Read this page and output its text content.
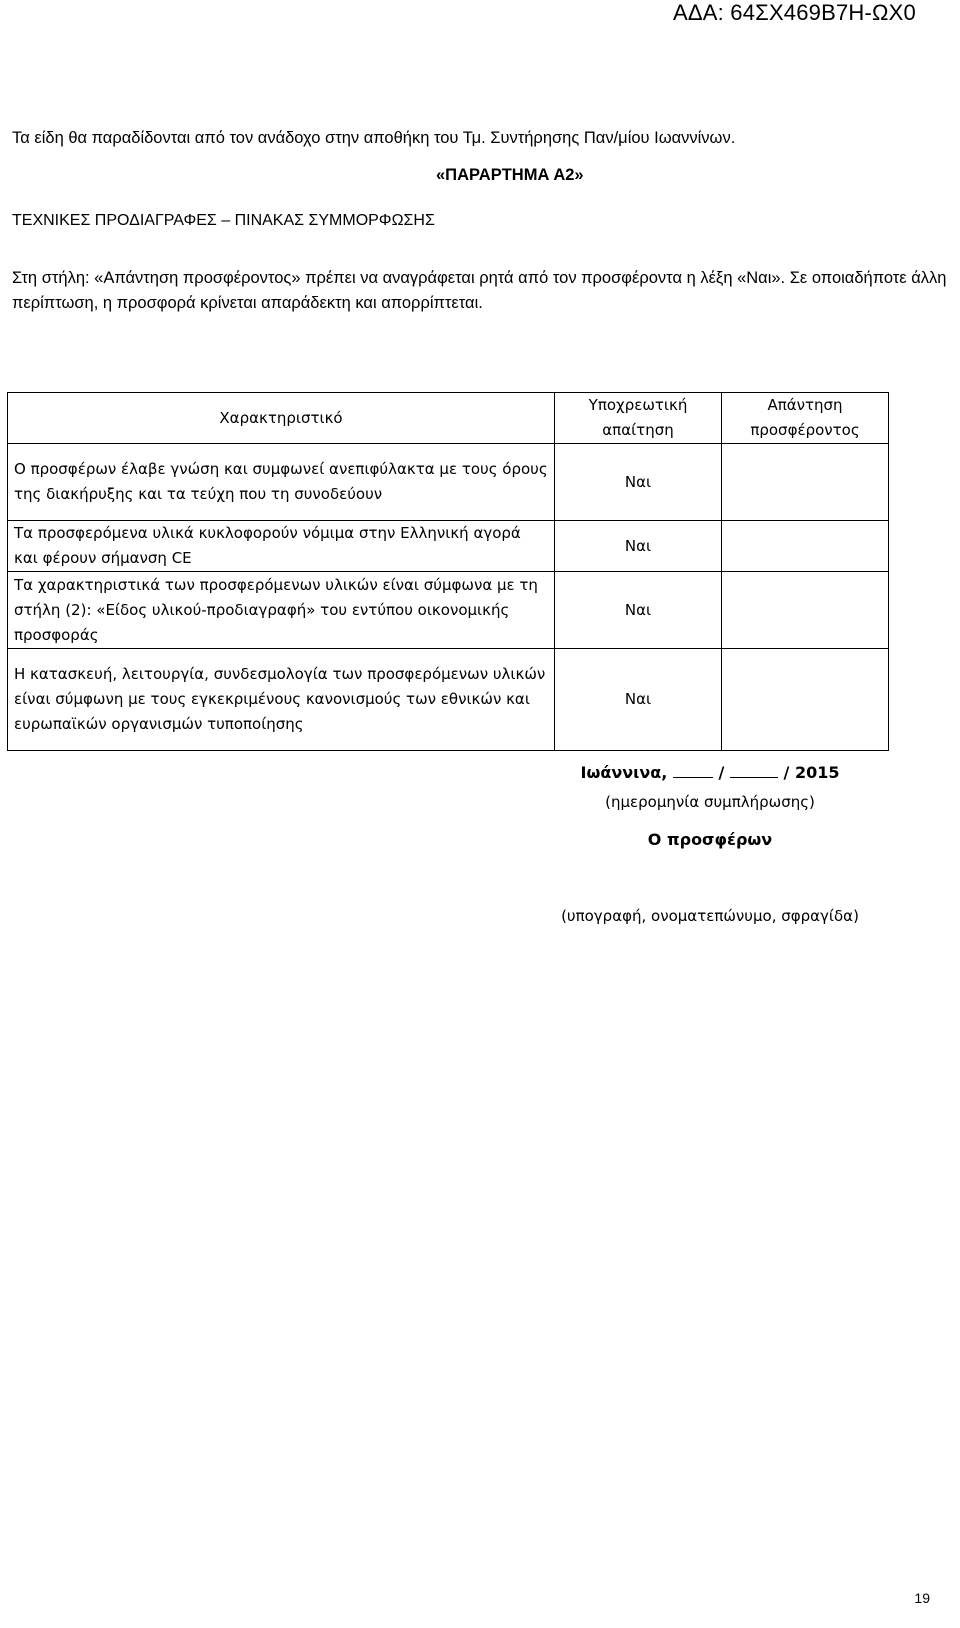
ΑΔΑ: 64ΣΧ469Β7Η-ΩΧ0
Τα είδη θα παραδίδονται από τον ανάδοχο στην αποθήκη του Τμ. Συντήρησης Παν/μίου Ιωαννίνων.
«ΠΑΡΑΡΤΗΜΑ Α2»
ΤΕΧΝΙΚΕΣ ΠΡΟΔΙΑΓΡΑΦΕΣ – ΠΙΝΑΚΑΣ ΣΥΜΜΟΡΦΩΣΗΣ
Στη στήλη: «Απάντηση προσφέροντος» πρέπει να αναγράφεται ρητά από τον προσφέροντα η λέξη «Ναι». Σε οποιαδήποτε άλλη περίπτωση, η προσφορά κρίνεται απαράδεκτη και απορρίπτεται.
Χαρακτηριστικό	Υποχρεωτική απαίτηση	Απάντηση προσφέροντος
Ο προσφέρων έλαβε γνώση και συμφωνεί ανεπιφύλακτα με τους όρους της διακήρυξης και τα τεύχη που τη συνοδεύουν	Ναι	
Τα προσφερόμενα υλικά κυκλοφορούν νόμιμα στην Ελληνική αγορά και φέρουν σήμανση CE	Ναι	
Τα χαρακτηριστικά των προσφερόμενων υλικών είναι σύμφωνα με τη στήλη (2): «Είδος υλικού-προδιαγραφή» του εντύπου οικονομικής προσφοράς	Ναι	
Η κατασκευή, λειτουργία, συνδεσμολογία των προσφερόμενων υλικών είναι σύμφωνη με τους εγκεκριμένους κανονισμούς των εθνικών και ευρωπαϊκών οργανισμών τυποποίησης	Ναι	
Ιωάννινα,	/	/ 2015
(ημερομηνία συμπλήρωσης)
Ο προσφέρων
(υπογραφή, ονοματεπώνυμο, σφραγίδα)
19
